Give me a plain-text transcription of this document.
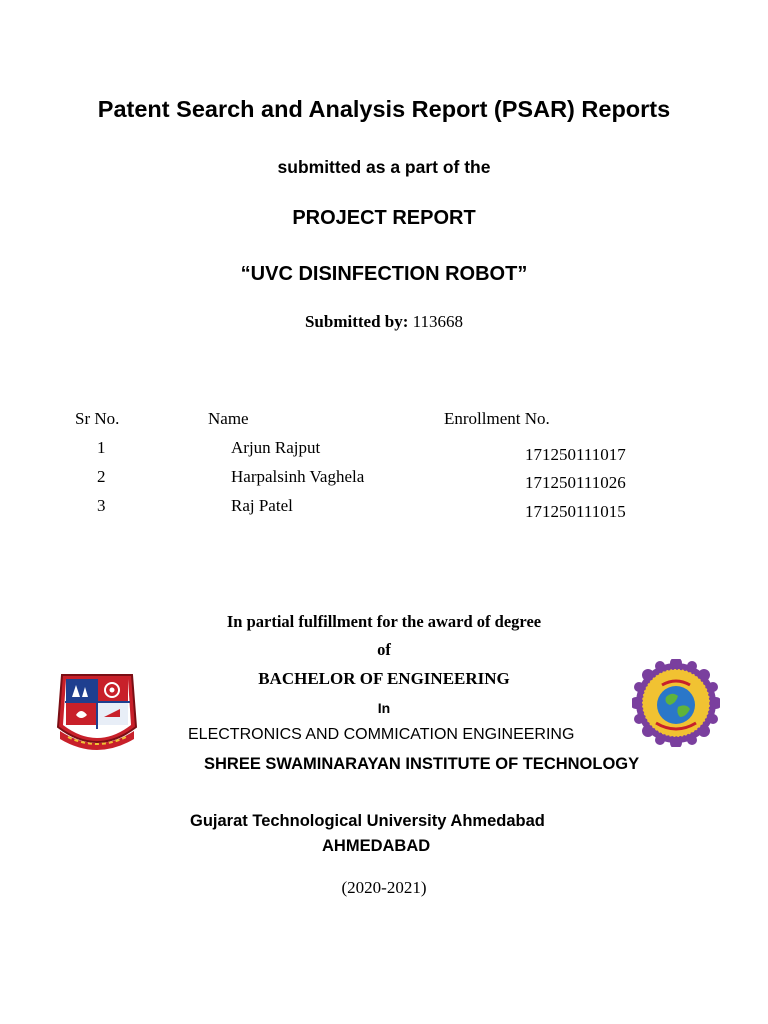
Patent Search and Analysis Report (PSAR) Reports
submitted as a part of the
PROJECT REPORT
“UVC DISINFECTION ROBOT”
Submitted by: 113668
Sr No.	Name	Enrollment No.
1	Arjun Rajput	171250111017
2	Harpalsinh Vaghela	171250111026
3	Raj Patel	171250111015
In partial fulfillment for the award of degree
of
BACHELOR OF ENGINEERING
In
ELECTRONICS AND COMMICATION ENGINEERING
SHREE SWAMINARAYAN INSTITUTE OF TECHNOLOGY
Gujarat Technological University Ahmedabad
AHMEDABAD
(2020-2021)
